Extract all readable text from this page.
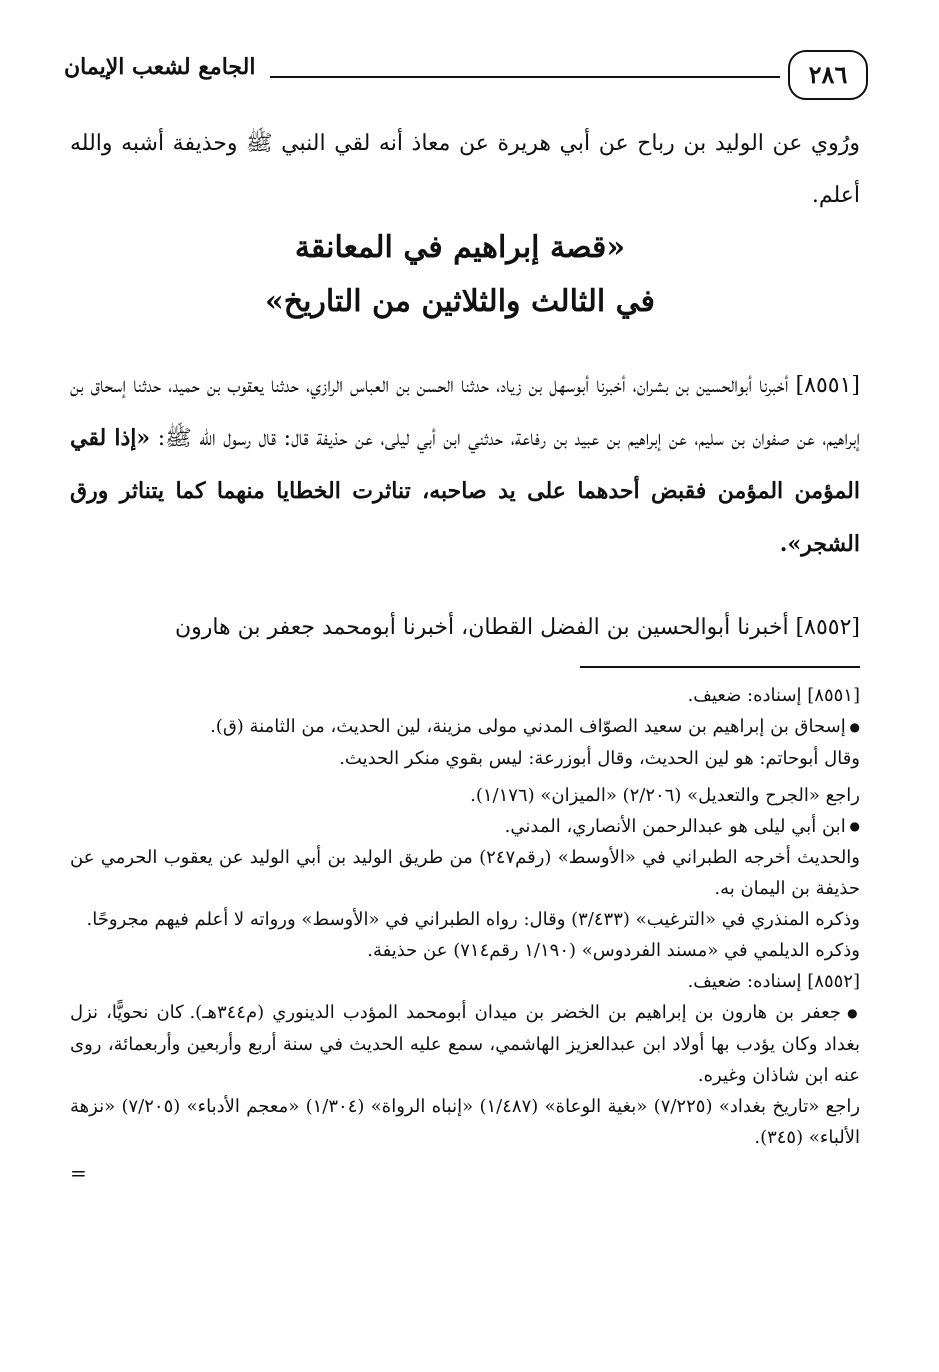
٢٨٦
الجامع لشعب الإيمان
ورُوي عن الوليد بن رباح عن أبي هريرة عن معاذ أنه لقي النبي ﷺ وحذيفة أشبه والله أعلم.
«قصة إبراهيم في المعانقة
في الثالث والثلاثين من التاريخ»
[٨٥٥١] أخبرنا أبوالحسين بن بشران، أخبرنا أبوسهل بن زياد، حدثنا الحسن بن العباس الرازي، حدثنا يعقوب بن حميد، حدثنا إسحاق بن إبراهيم، عن صفوان بن سليم، عن إبراهيم بن عبيد بن رفاعة، حدثني ابن أبي ليلى، عن حذيفة قال: قال رسول الله ﷺ: «إذا لقي المؤمن المؤمن فقبض أحدهما على يد صاحبه، تناثرت الخطايا منهما كما يتناثر ورق الشجر».
[٨٥٥٢] أخبرنا أبوالحسين بن الفضل القطان، أخبرنا أبومحمد جعفر بن هارون

[٨٥٥١] إسناده: ضعيف.

● إسحاق بن إبراهيم بن سعيد الصوّاف المدني مولى مزينة، لين الحديث، من الثامنة (ق).

وقال أبوحاتم: هو لين الحديث، وقال أبوزرعة: ليس بقوي منكر الحديث.

راجع «الجرح والتعديل» (٢/٢٠٦) «الميزان» (١/١٧٦).

● ابن أبي ليلى هو عبدالرحمن الأنصاري، المدني.

والحديث أخرجه الطبراني في «الأوسط» (رقم٢٤٧) من طريق الوليد بن أبي الوليد عن يعقوب الحرمي عن حذيفة بن اليمان به.

وذكره المنذري في «الترغيب» (٣/٤٣٣) وقال: رواه الطبراني في «الأوسط» ورواته لا أعلم فيهم مجروحًا.

وذكره الديلمي في «مسند الفردوس» (١/١٩٠ رقم٧١٤) عن حذيفة.

[٨٥٥٢] إسناده: ضعيف.

● جعفر بن هارون بن إبراهيم بن الخضر بن ميدان أبومحمد المؤدب الدينوري (م٣٤٤هـ). كان نحويًّا، نزل بغداد وكان يؤدب بها أولاد ابن عبدالعزيز الهاشمي، سمع عليه الحديث في سنة أربع وأربعين وأربعمائة، روى عنه ابن شاذان وغيره.

راجع «تاريخ بغداد» (٧/٢٢٥) «بغية الوعاة» (١/٤٨٧) «إنباه الرواة» (١/٣٠٤) «معجم الأدباء» (٧/٢٠٥) «نزهة الألباء» (٣٤٥).

=
